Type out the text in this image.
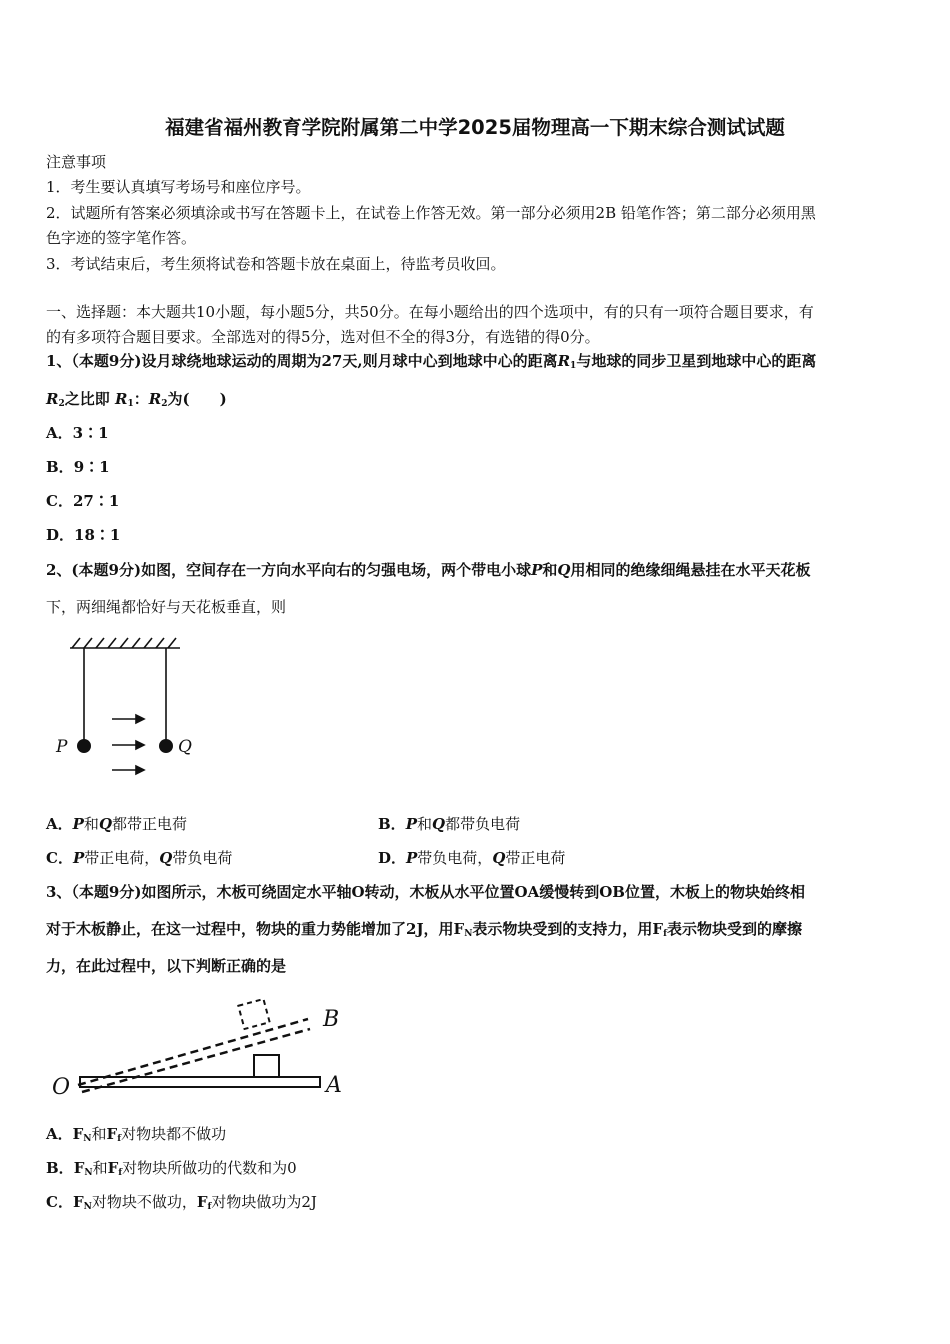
福建省福州教育学院附属第二中学2025届物理高一下期末综合测试试题
注意事项
1．考生要认真填写考场号和座位序号。
2．试题所有答案必须填涂或书写在答题卡上，在试卷上作答无效。第一部分必须用2B 铅笔作答；第二部分必须用黑
色字迹的签字笔作答。
3．考试结束后，考生须将试卷和答题卡放在桌面上，待监考员收回。
一、选择题：本大题共10小题，每小题5分，共50分。在每小题给出的四个选项中，有的只有一项符合题目要求，有
的有多项符合题目要求。全部选对的得5分，选对但不全的得3分，有选错的得0分。
1、（本题9分)设月球绕地球运动的周期为27天,则月球中心到地球中心的距离$R_1$与地球的同步卫星到地球中心的距离
$R_2$之比即 $R_1$：$R_2$为(　　)
A．3∶1
B．9∶1
C．27∶1
D．18∶1
2、(本题9分)如图，空间存在一方向水平向右的匀强电场，两个带电小球P和Q用相同的绝缘细绳悬挂在水平天花板
下，两细绳都恰好与天花板垂直，则
P	Q
A．P和Q都带正电荷	B．P和Q都带负电荷
C．P带正电荷，Q带负电荷	D．P带负电荷，Q带正电荷
3、（本题9分)如图所示，木板可绕固定水平轴O转动，木板从水平位置OA缓慢转到OB位置，木板上的物块始终相
对于木板静止，在这一过程中，物块的重力势能增加了2J，用$F_N$表示物块受到的支持力，用$F_f$表示物块受到的摩擦
力，在此过程中，以下判断正确的是
O	A
B
A．$F_N$和$F_f$对物块都不做功
B．$F_N$和$F_f$对物块所做功的代数和为0
C．$F_N$对物块不做功，$F_f$对物块做功为2J
